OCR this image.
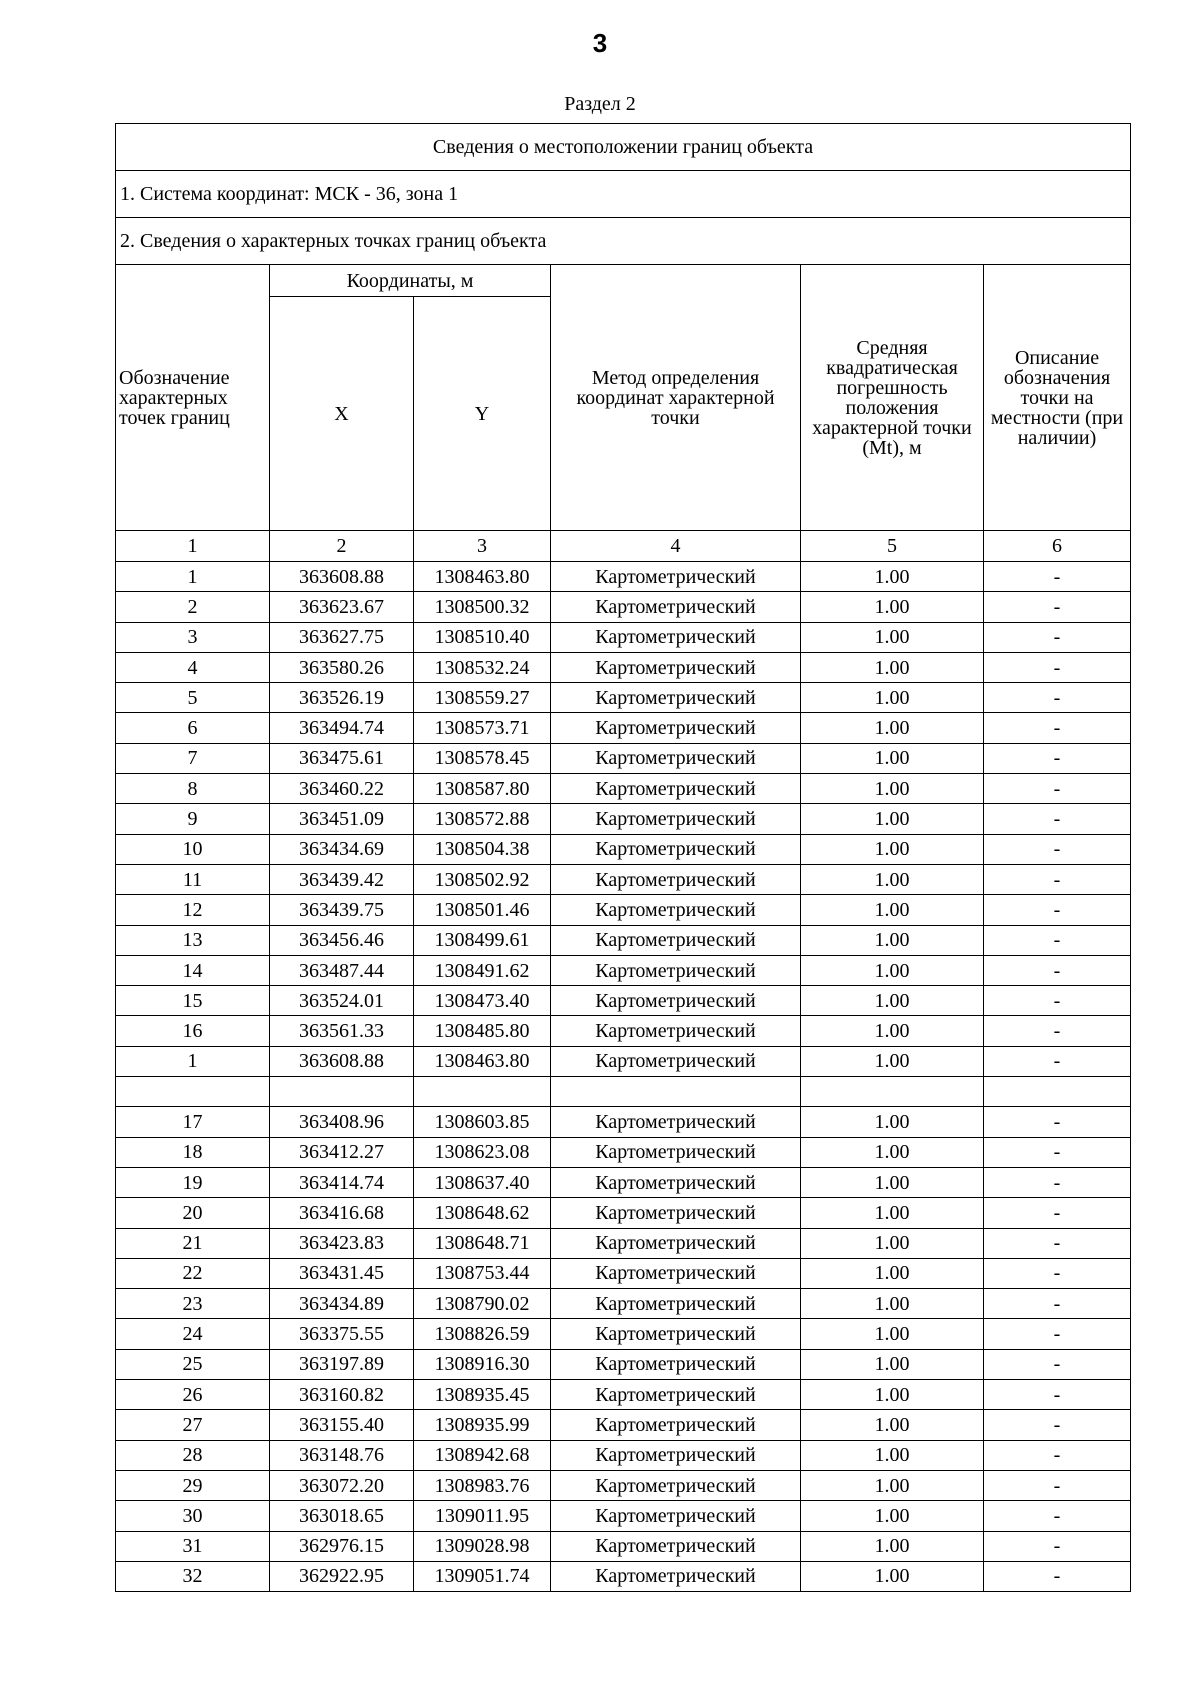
3
Раздел 2
Сведения о местоположении границ объекта					
1. Система координат: МСК - 36, зона 1					
2. Сведения о характерных точках границ объекта					
Обозначение характерных точек границ	Координаты, м		Метод определения координат характерной точки	Средняя квадратическая погрешность положения характерной точки (Mt), м	Описание обозначения точки на местности (при наличии)
	X	Y			
1	2	3	4	5	6
1	363608.88	1308463.80	Картометрический	1.00	-
2	363623.67	1308500.32	Картометрический	1.00	-
3	363627.75	1308510.40	Картометрический	1.00	-
4	363580.26	1308532.24	Картометрический	1.00	-
5	363526.19	1308559.27	Картометрический	1.00	-
6	363494.74	1308573.71	Картометрический	1.00	-
7	363475.61	1308578.45	Картометрический	1.00	-
8	363460.22	1308587.80	Картометрический	1.00	-
9	363451.09	1308572.88	Картометрический	1.00	-
10	363434.69	1308504.38	Картометрический	1.00	-
11	363439.42	1308502.92	Картометрический	1.00	-
12	363439.75	1308501.46	Картометрический	1.00	-
13	363456.46	1308499.61	Картометрический	1.00	-
14	363487.44	1308491.62	Картометрический	1.00	-
15	363524.01	1308473.40	Картометрический	1.00	-
16	363561.33	1308485.80	Картометрический	1.00	-
1	363608.88	1308463.80	Картометрический	1.00	-

17	363408.96	1308603.85	Картометрический	1.00	-
18	363412.27	1308623.08	Картометрический	1.00	-
19	363414.74	1308637.40	Картометрический	1.00	-
20	363416.68	1308648.62	Картометрический	1.00	-
21	363423.83	1308648.71	Картометрический	1.00	-
22	363431.45	1308753.44	Картометрический	1.00	-
23	363434.89	1308790.02	Картометрический	1.00	-
24	363375.55	1308826.59	Картометрический	1.00	-
25	363197.89	1308916.30	Картометрический	1.00	-
26	363160.82	1308935.45	Картометрический	1.00	-
27	363155.40	1308935.99	Картометрический	1.00	-
28	363148.76	1308942.68	Картометрический	1.00	-
29	363072.20	1308983.76	Картометрический	1.00	-
30	363018.65	1309011.95	Картометрический	1.00	-
31	362976.15	1309028.98	Картометрический	1.00	-
32	362922.95	1309051.74	Картометрический	1.00	-
